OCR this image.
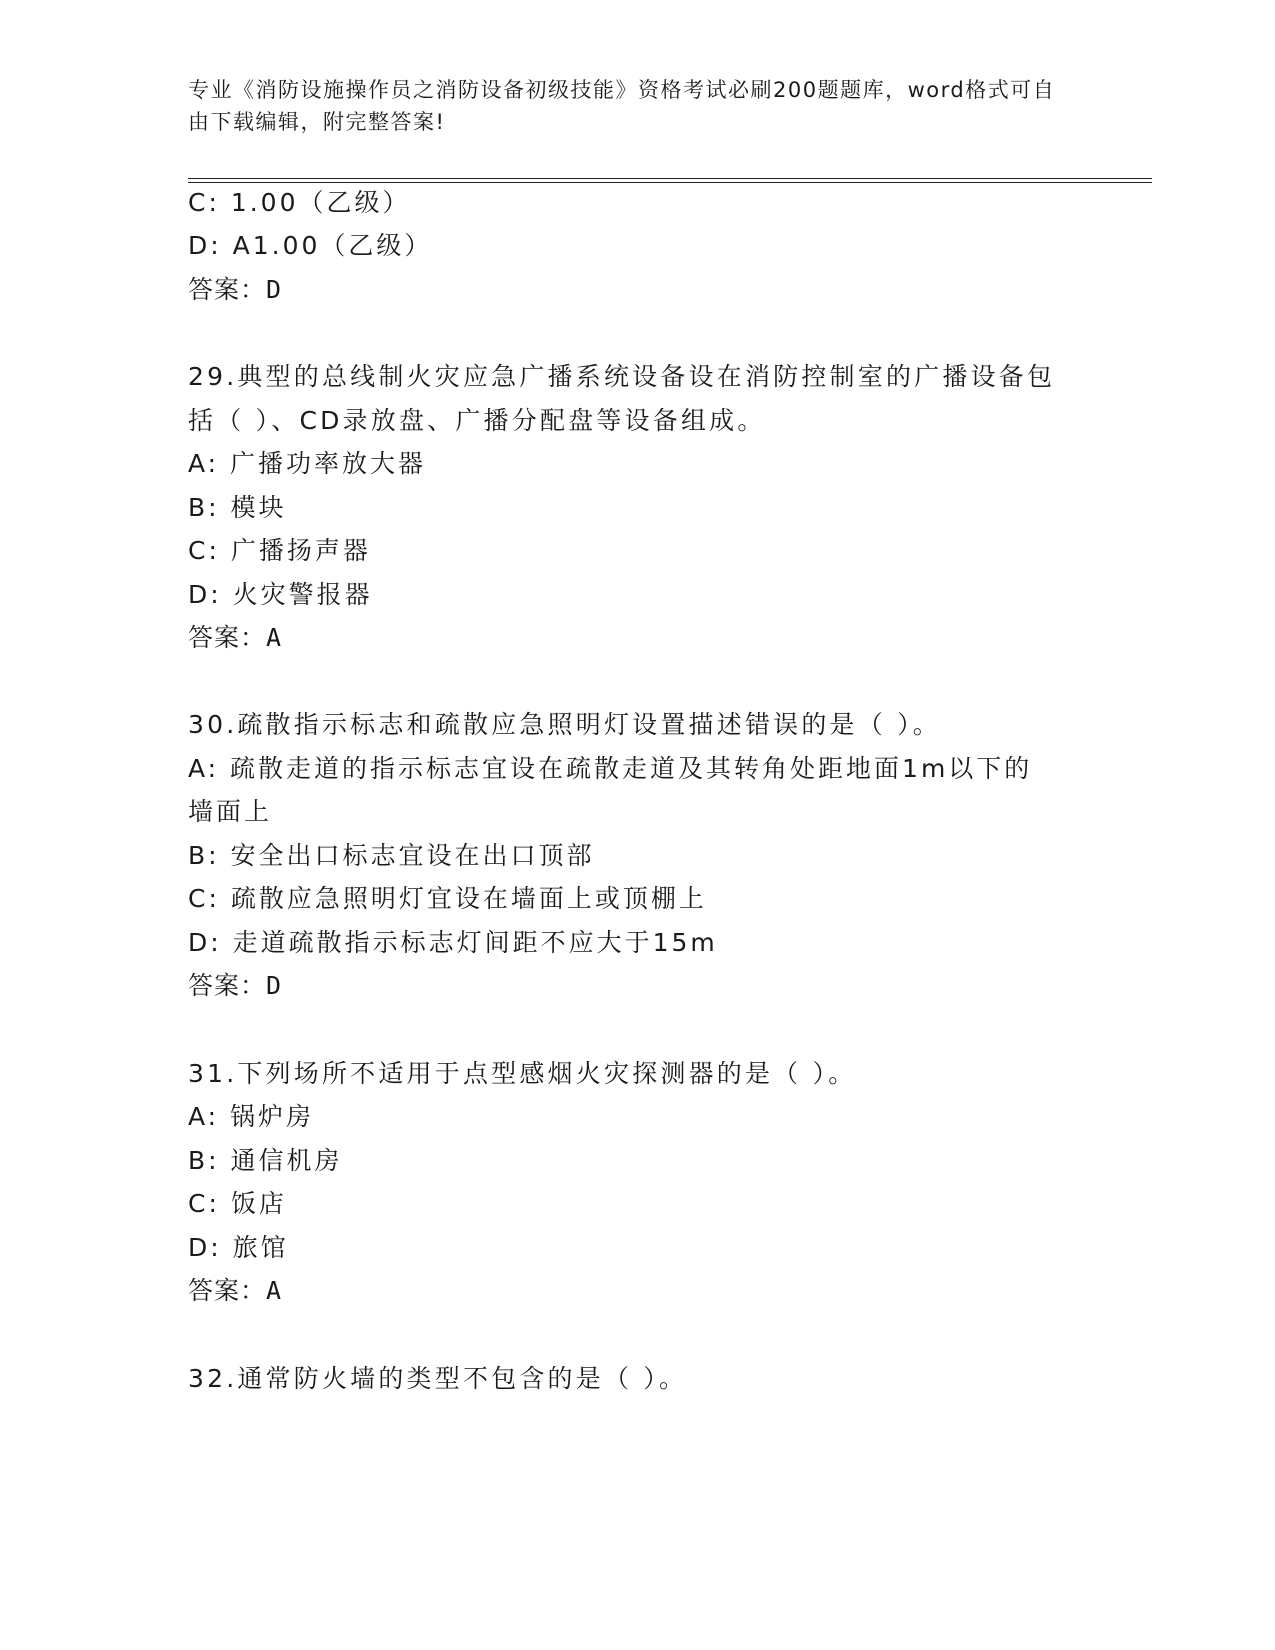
专业《消防设施操作员之消防设备初级技能》资格考试必刷200题题库，word格式可自由下载编辑，附完整答案!
C: 1.00（乙级）
D: A1.00（乙级）
答案：D
29.典型的总线制火灾应急广播系统设备设在消防控制室的广播设备包
括（ ）、CD录放盘、广播分配盘等设备组成。
A: 广播功率放大器
B: 模块
C: 广播扬声器
D: 火灾警报器
答案：A
30.疏散指示标志和疏散应急照明灯设置描述错误的是（ ）。
A: 疏散走道的指示标志宜设在疏散走道及其转角处距地面1m以下的
墙面上
B: 安全出口标志宜设在出口顶部
C: 疏散应急照明灯宜设在墙面上或顶棚上
D: 走道疏散指示标志灯间距不应大于15m
答案：D
31.下列场所不适用于点型感烟火灾探测器的是（ ）。
A: 锅炉房
B: 通信机房
C: 饭店
D: 旅馆
答案：A
32.通常防火墙的类型不包含的是（ ）。
